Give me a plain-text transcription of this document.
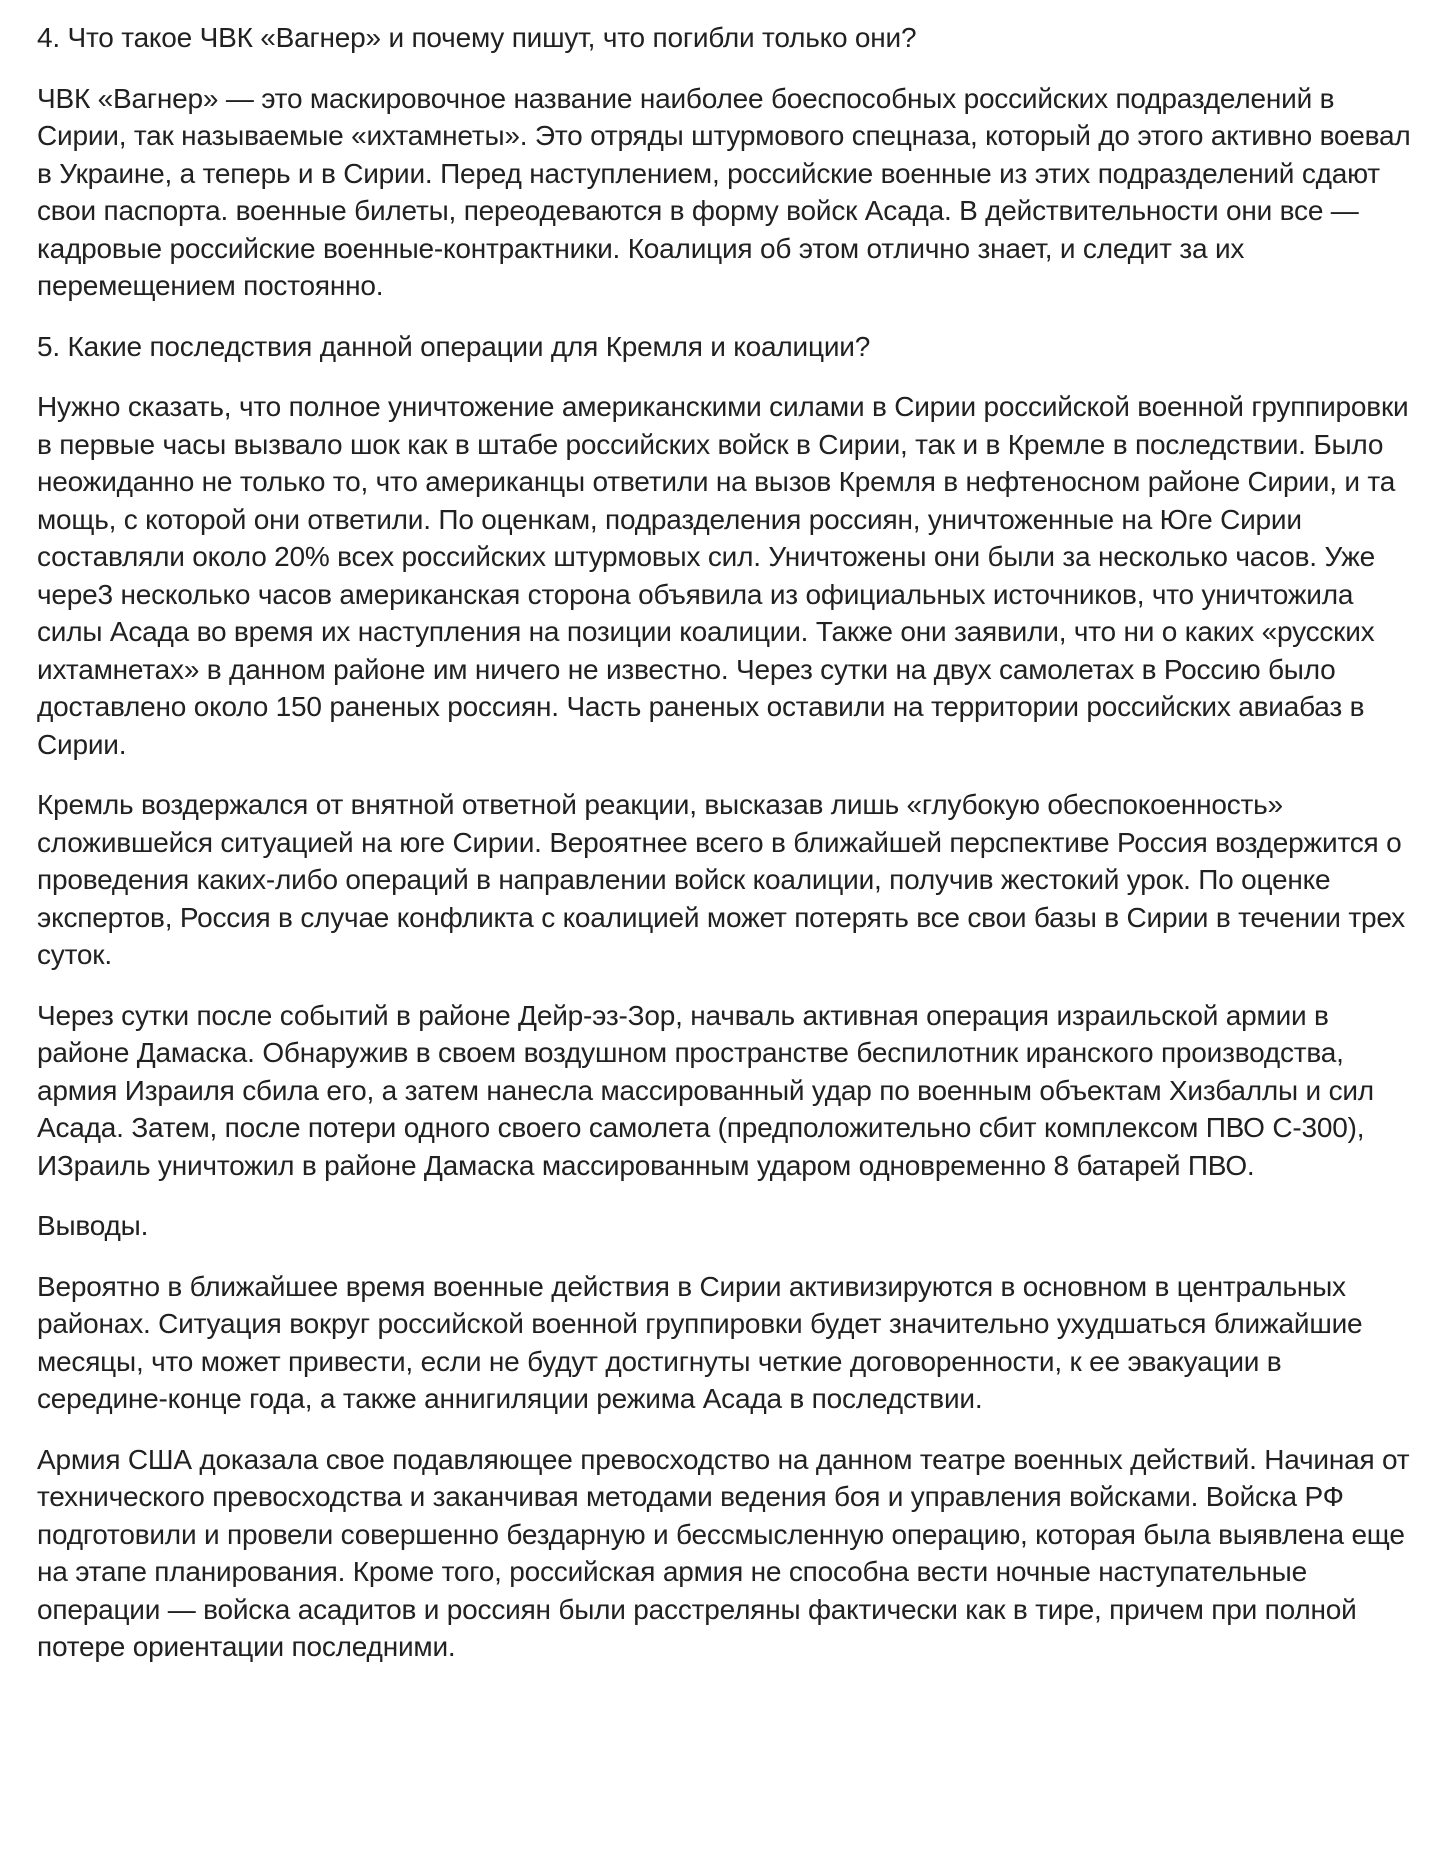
4. Что такое ЧВК «Вагнер» и почему пишут, что погибли только они?

ЧВК «Вагнер» — это маскировочное название наиболее боеспособных российских подразделений в Сирии, так называемые «ихтамнеты». Это отряды штурмового спецназа, который до этого активно воевал в Украине, а теперь и в Сирии. Перед наступлением, российские военные из этих подразделений сдают свои паспорта. военные билеты, переодеваются в форму войск Асада. В действительности они все — кадровые российские военные-контрактники. Коалиция об этом отлично знает, и следит за их перемещением постоянно.

5. Какие последствия данной операции для Кремля и коалиции?

Нужно сказать, что полное уничтожение американскими силами в Сирии российской военной группировки в первые часы вызвало шок как в штабе российских войск в Сирии, так и в Кремле в последствии. Было неожиданно не только то, что американцы ответили на вызов Кремля в нефтеносном районе Сирии, и та мощь, с которой они ответили. По оценкам, подразделения россиян, уничтоженные на Юге Сирии составляли около 20% всех российских штурмовых сил. Уничтожены они были за несколько часов. Уже чере3 несколько часов американская сторона объявила из официальных источников, что уничтожила силы Асада во время их наступления на позиции коалиции. Также они заявили, что ни о каких «русских ихтамнетах» в данном районе им ничего не известно. Через сутки на двух самолетах в Россию было доставлено около 150 раненых россиян. Часть раненых оставили на территории российских авиабаз в Сирии.

Кремль воздержался от внятной ответной реакции, высказав лишь «глубокую обеспокоенность» сложившейся ситуацией на юге Сирии. Вероятнее всего в ближайшей перспективе Россия воздержится о проведения каких-либо операций в направлении войск коалиции, получив жестокий урок. По оценке экспертов, Россия в случае конфликта с коалицией может потерять все свои базы в Сирии в течении трех суток.

Через сутки после событий в районе Дейр-эз-Зор, начваль активная операция израильской армии в районе Дамаска. Обнаружив в своем воздушном пространстве беспилотник иранского производства, армия Израиля сбила его, а затем нанесла массированный удар по военным объектам Хизбаллы и сил Асада. Затем, после потери одного своего самолета (предположительно сбит комплексом ПВО С-300), ИЗраиль уничтожил в районе Дамаска массированным ударом одновременно 8 батарей ПВО.

Выводы.

Вероятно в ближайшее время военные действия в Сирии активизируются в основном в центральных районах. Ситуация вокруг российской военной группировки будет значительно ухудшаться ближайшие месяцы, что может привести, если не будут достигнуты четкие договоренности, к ее эвакуации в середине-конце года, а также аннигиляции режима Асада в последствии.

Армия США доказала свое подавляющее превосходство на данном театре военных действий. Начиная от технического превосходства и заканчивая методами ведения боя и управления войсками. Войска РФ подготовили и провели совершенно бездарную и бессмысленную операцию, которая была выявлена еще на этапе планирования. Кроме того, российская армия не способна вести ночные наступательные операции — войска асадитов и россиян были расстреляны фактически как в тире, причем при полной потере ориентации последними.
